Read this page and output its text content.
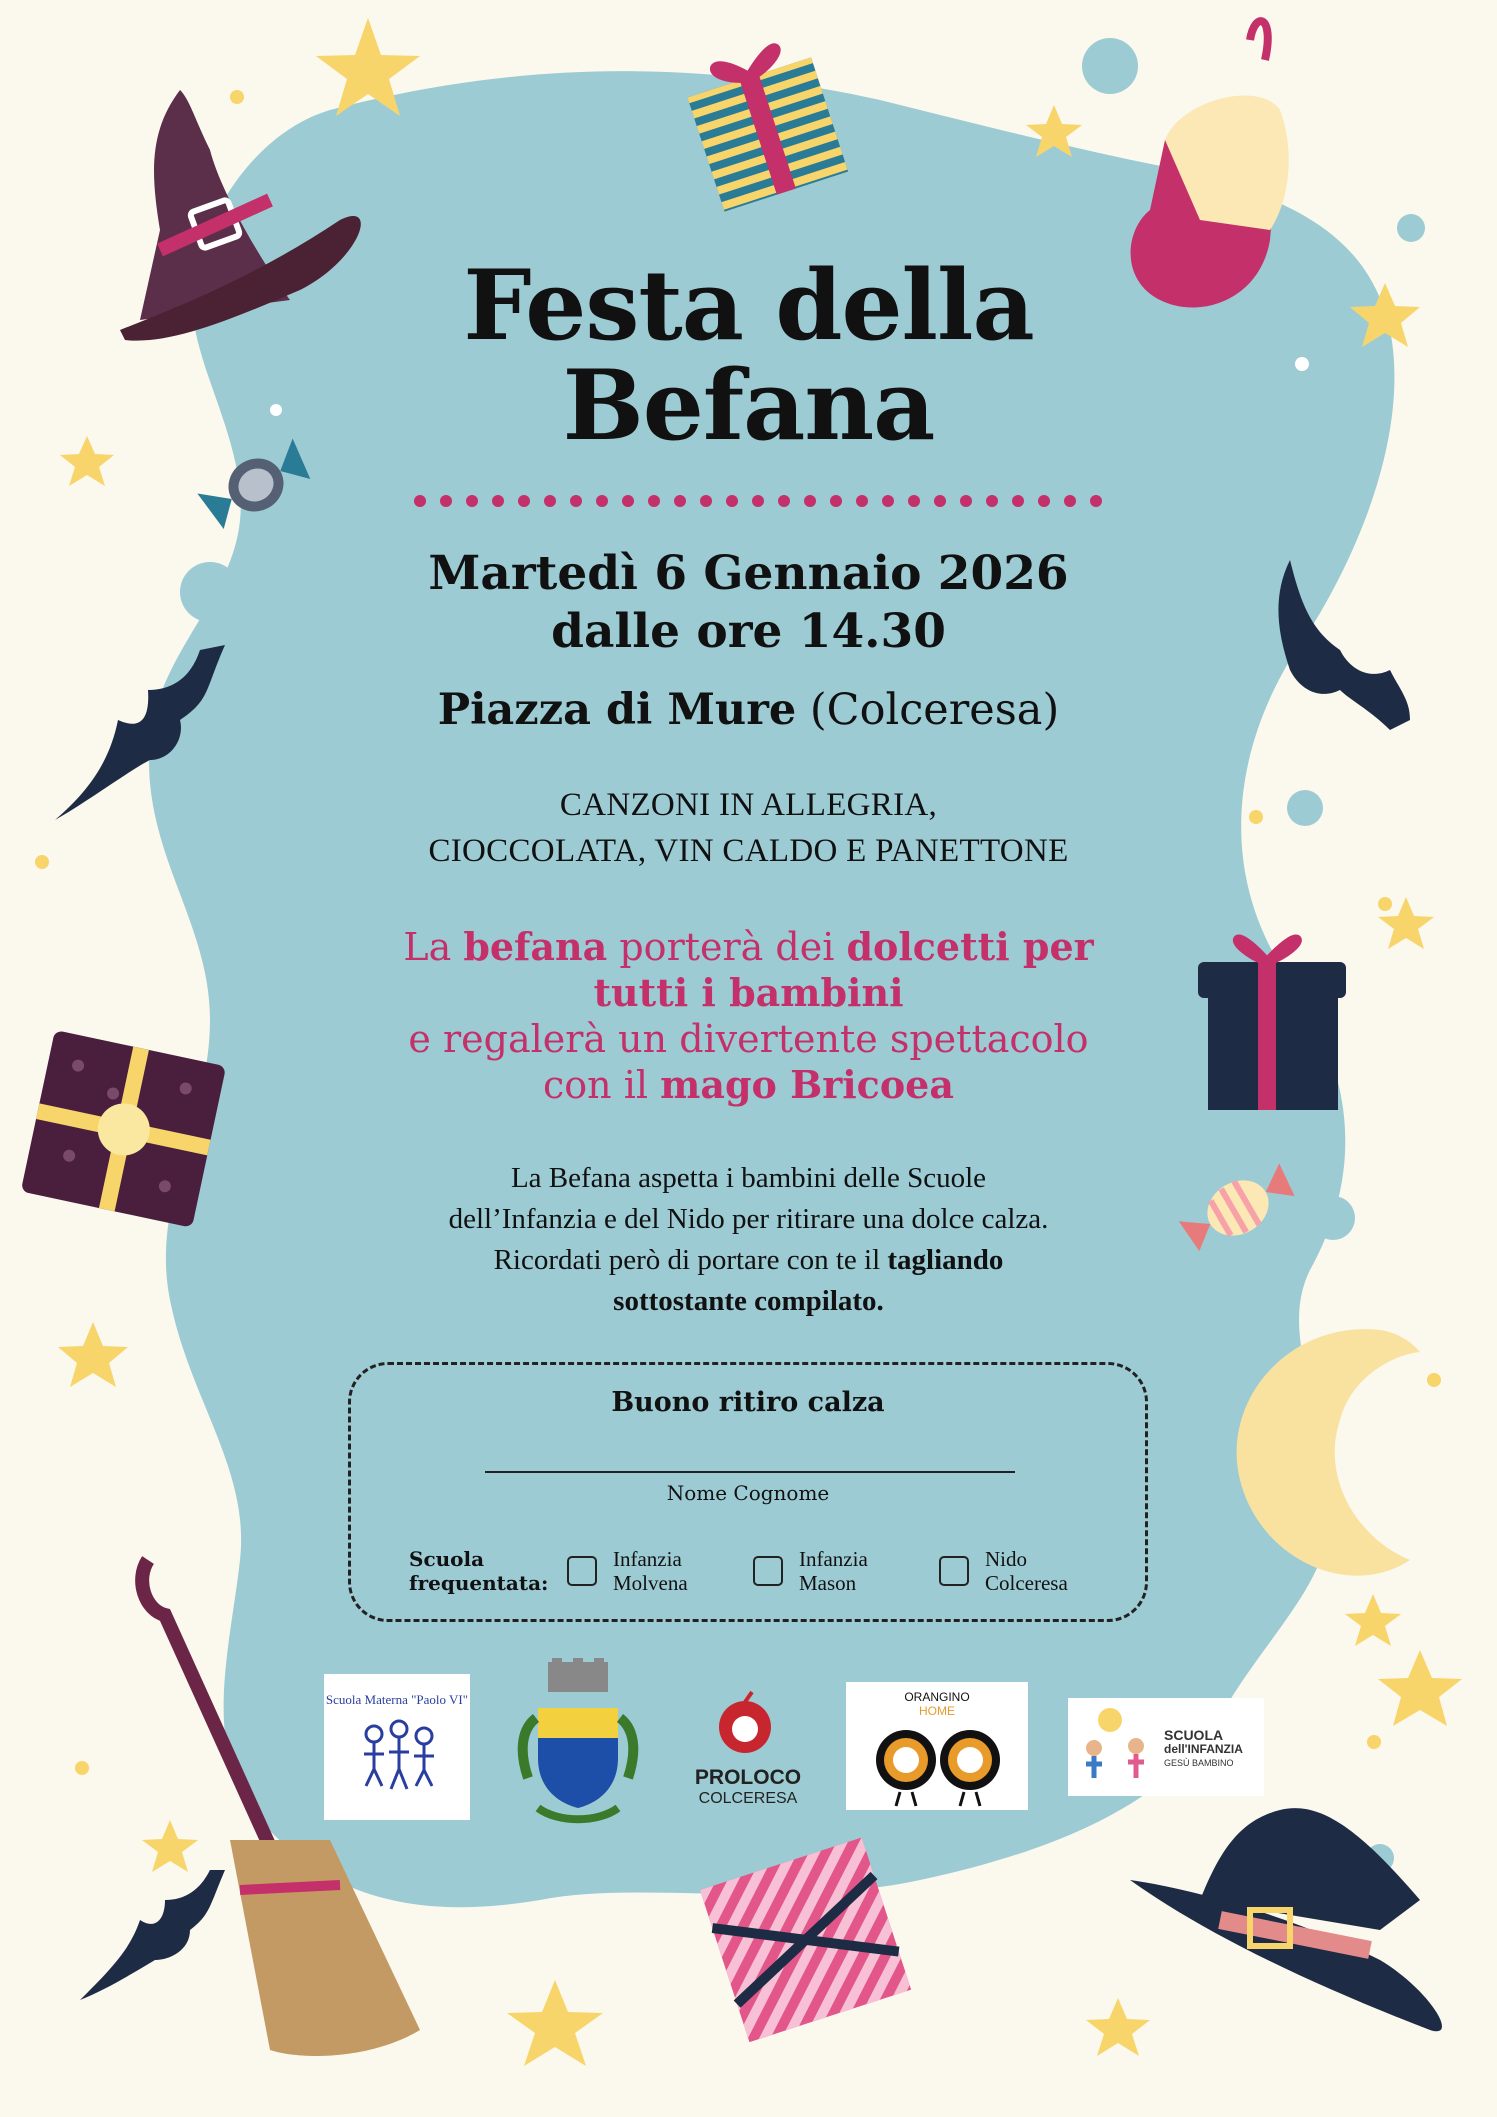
Festa della
Befana
Martedì 6 Gennaio 2026
dalle ore 14.30
Piazza di Mure (Colceresa)
CANZONI IN ALLEGRIA,
CIOCCOLATA, VIN CALDO E PANETTONE
La befana porterà dei dolcetti per
tutti i bambini
e regalerà un divertente spettacolo
con il mago Bricoea
La Befana aspetta i bambini delle Scuole
dell’Infanzia e del Nido per ritirare una dolce calza.
Ricordati però di portare con te il tagliando
sottostante compilato.
Buono ritiro calza
Nome Cognome
Scuola
frequentata:
Infanzia
Molvena
Infanzia
Mason
Nido
Colceresa
Scuola Materna "Paolo VI"
PROLOCO
COLCERESA
ORANGINO
HOME
SCUOLA
dell'INFANZIA
GESÙ BAMBINO
